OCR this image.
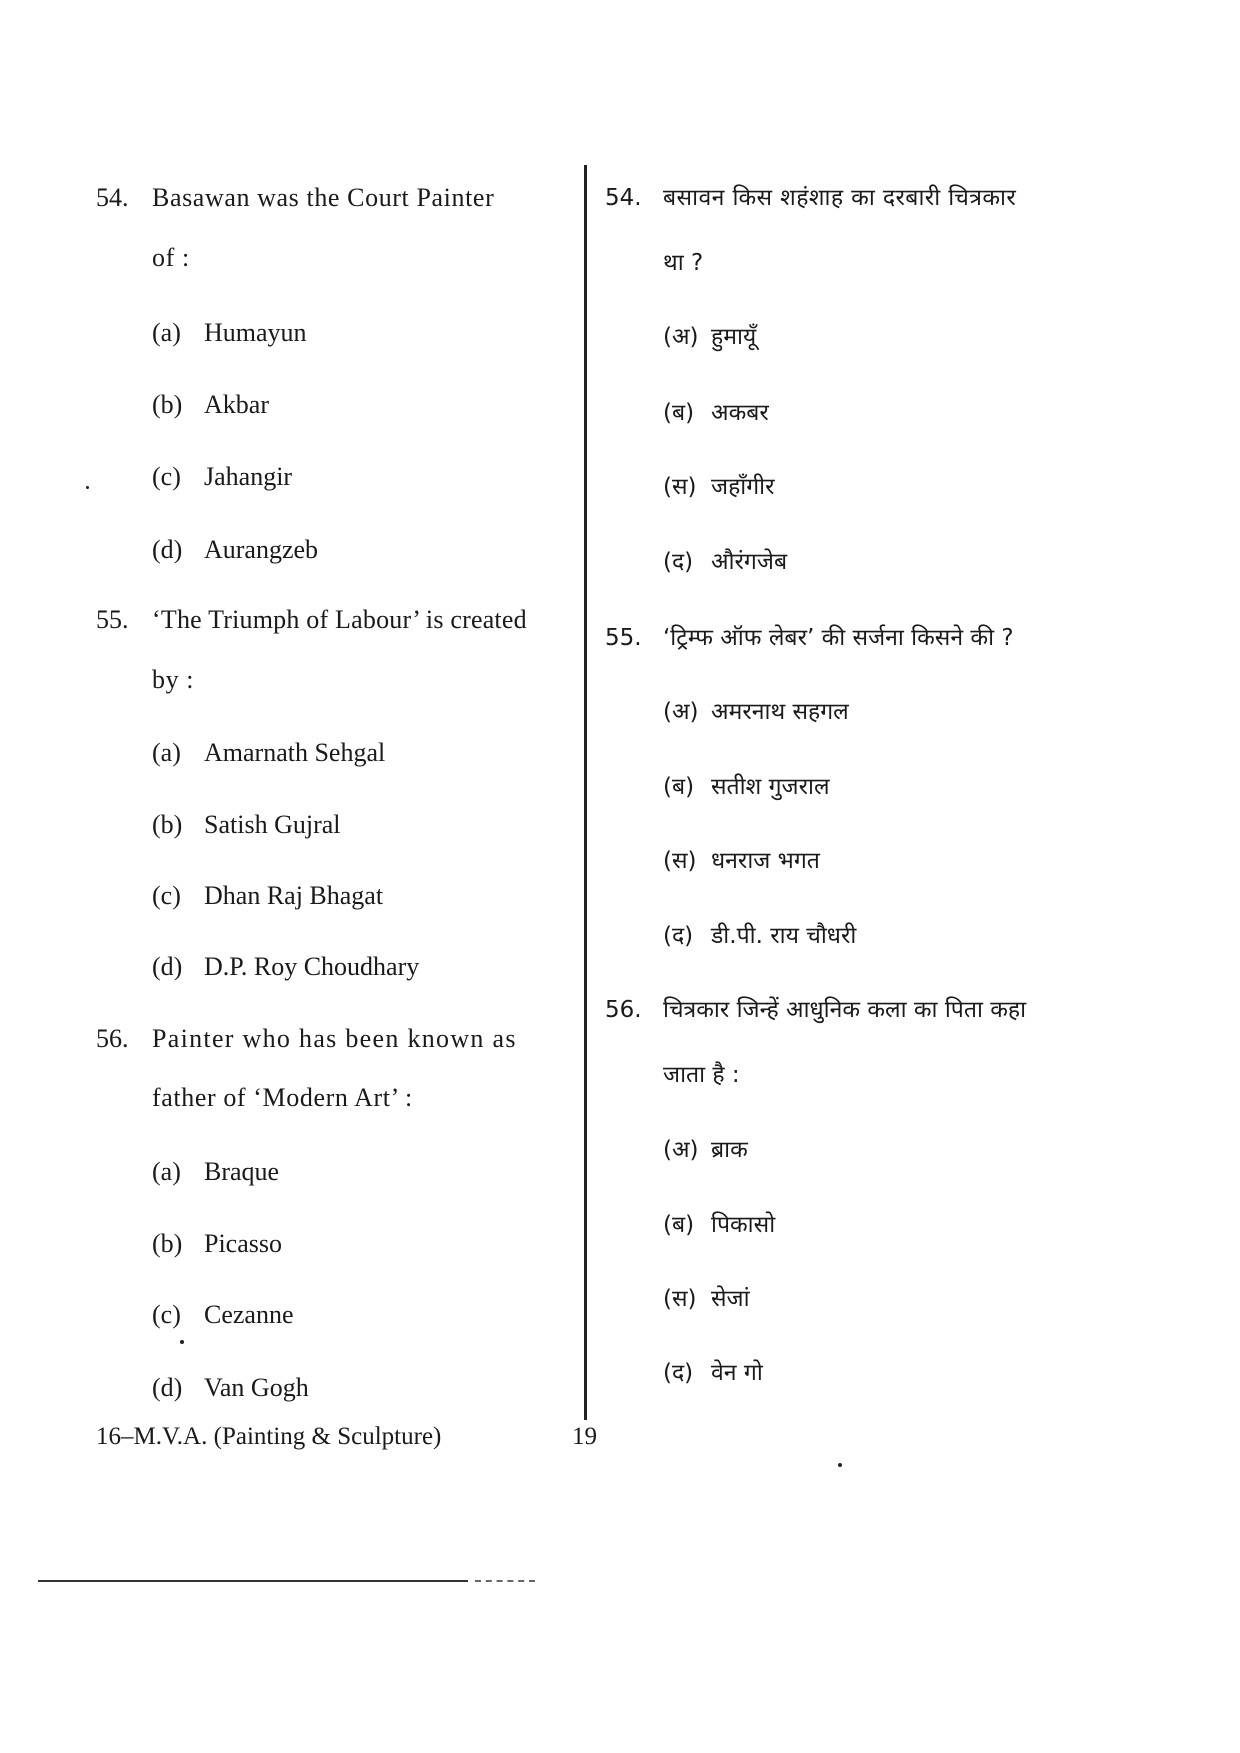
54. Basawan was the Court Painter
of :
(a) Humayun
(b) Akbar
(c) Jahangir
(d) Aurangzeb
55. ‘The Triumph of Labour’ is created
by :
(a) Amarnath Sehgal
(b) Satish Gujral
(c) Dhan Raj Bhagat
(d) D.P. Roy Choudhary
56. Painter who has been known as
father of ‘Modern Art’ :
(a) Braque
(b) Picasso
(c) Cezanne
(d) Van Gogh
54. बसावन किस शहंशाह का दरबारी चित्रकार
था ?
(अ) हुमायूँ
(ब) अकबर
(स) जहाँगीर
(द) औरंगजेब
55. ‘ट्रिम्फ ऑफ लेबर’ की सर्जना किसने की ?
(अ) अमरनाथ सहगल
(ब) सतीश गुजराल
(स) धनराज भगत
(द) डी.पी. राय चौधरी
56. चित्रकार जिन्हें आधुनिक कला का पिता कहा
जाता है :
(अ) ब्राक
(ब) पिकासो
(स) सेजां
(द) वेन गो
16–M.V.A. (Painting & Sculpture)	19
